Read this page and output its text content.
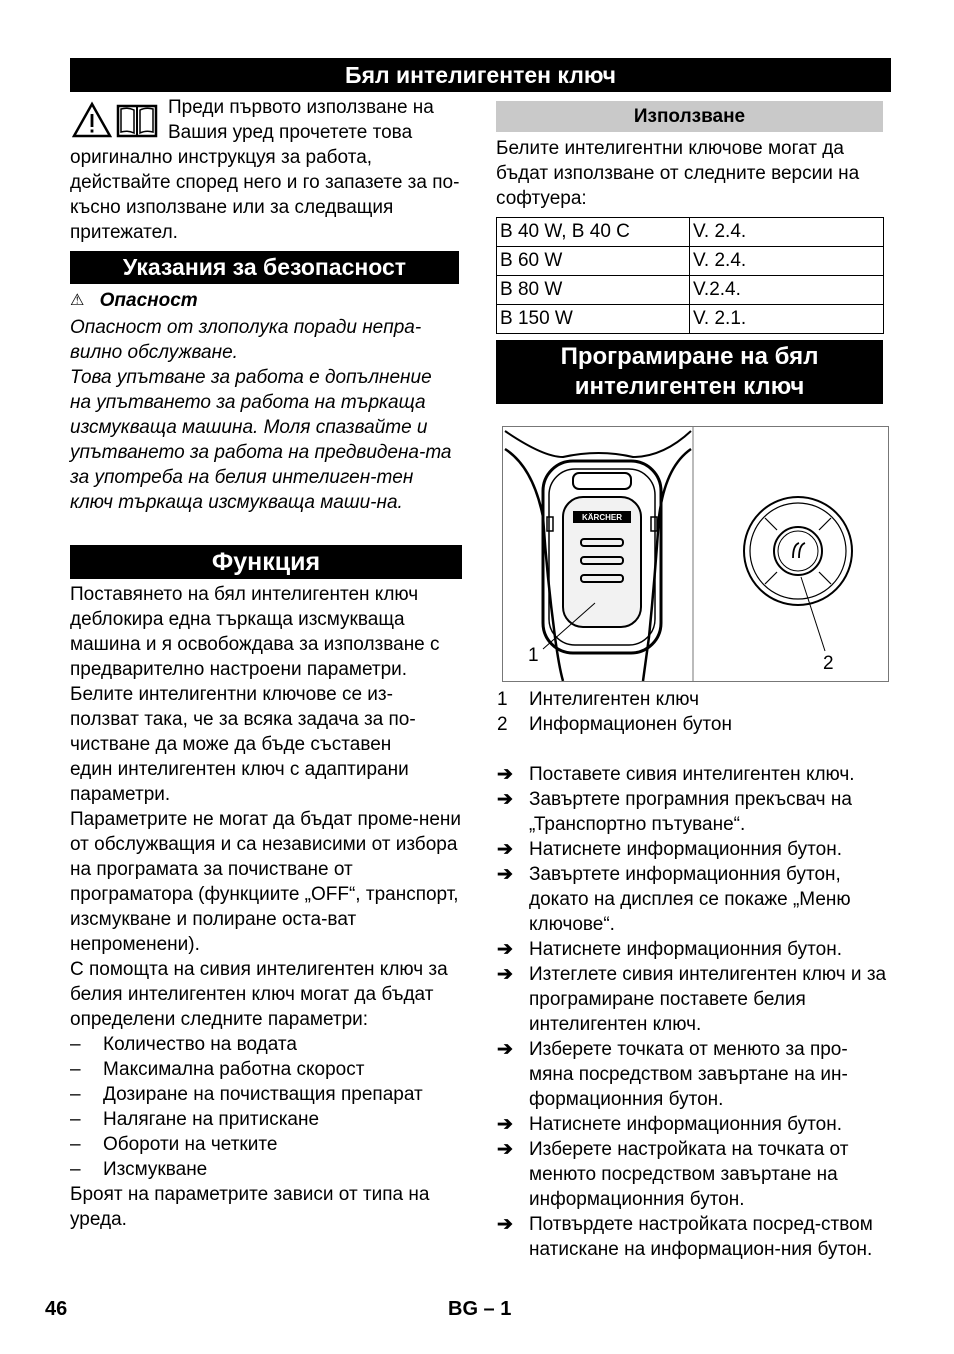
Бял интелигентен ключ
Преди първото използване на
Вашия уред прочетете това
оригинално инструкцуя за работа, действайте според него и го запазете за по-късно използване или за следващия притежател.
Указания за безопасност
⚠ Опасност
Опасност от злополука поради непра-вилно обслужване.
Това упътване за работа е допълнение на упътването за работа на търкаща изсмукваща машина. Моля спазвайте и упътването за работа на предвидена-та за употреба на белия интелиген-тен ключ търкаща изсмукваща маши-на.
Функция
Поставянето на бял интелигентен ключ деблокира една търкаща изсмукваща машина и я освобождава за използване с предварително настроени параметри.
Белите интелигентни ключове се из-ползват така, че за всяка задача за по-чистване да може да бъде съставен един интелигентен ключ с адаптирани параметри.
Параметрите не могат да бъдат проме-нени от обслужващия и са независими от избора на програмата за почистване от програматора (функциите „OFF“, транспорт, изсмукване и полиране оста-ват непроменени).
С помощта на сивия интелигентен ключ за белия интелигентен ключ могат да бъдат определени следните параметри:
– Количество на водата
– Максимална работна скорост
– Дозиране на почистващия препарат
– Налягане на притискане
– Обороти на четките
– Изсмукване
Броят на параметрите зависи от типа на уреда.
Използване
Белите интелигентни ключове могат да бъдат използване от следните версии на софтуера:
B 40 W, B 40 C	V. 2.4.
B 60 W	V. 2.4.
B 80 W	V.2.4.
B 150 W	V. 2.1.
Програмиране на бял
интелигентен ключ
KÄRCHER
1	2
1 Интелигентен ключ
2 Информационен бутон
➔ Поставете сивия интелигентен ключ.
➔ Завъртете програмния прекъсвач на „Транспортно пътуване“.
➔ Натиснете информационния бутон.
➔ Завъртете информационния бутон, докато на дисплея се покаже „Меню ключове“.
➔ Натиснете информационния бутон.
➔ Изтеглете сивия интелигентен ключ и за програмиране поставете белия интелигентен ключ.
➔ Изберете точката от менюто за про-мяна посредством завъртане на ин-формационния бутон.
➔ Натиснете информационния бутон.
➔ Изберете настройката на точката от менюто посредством завъртане на информационния бутон.
➔ Потвърдете настройката посред-ством натискане на информацион-ния бутон.
46	BG – 1
